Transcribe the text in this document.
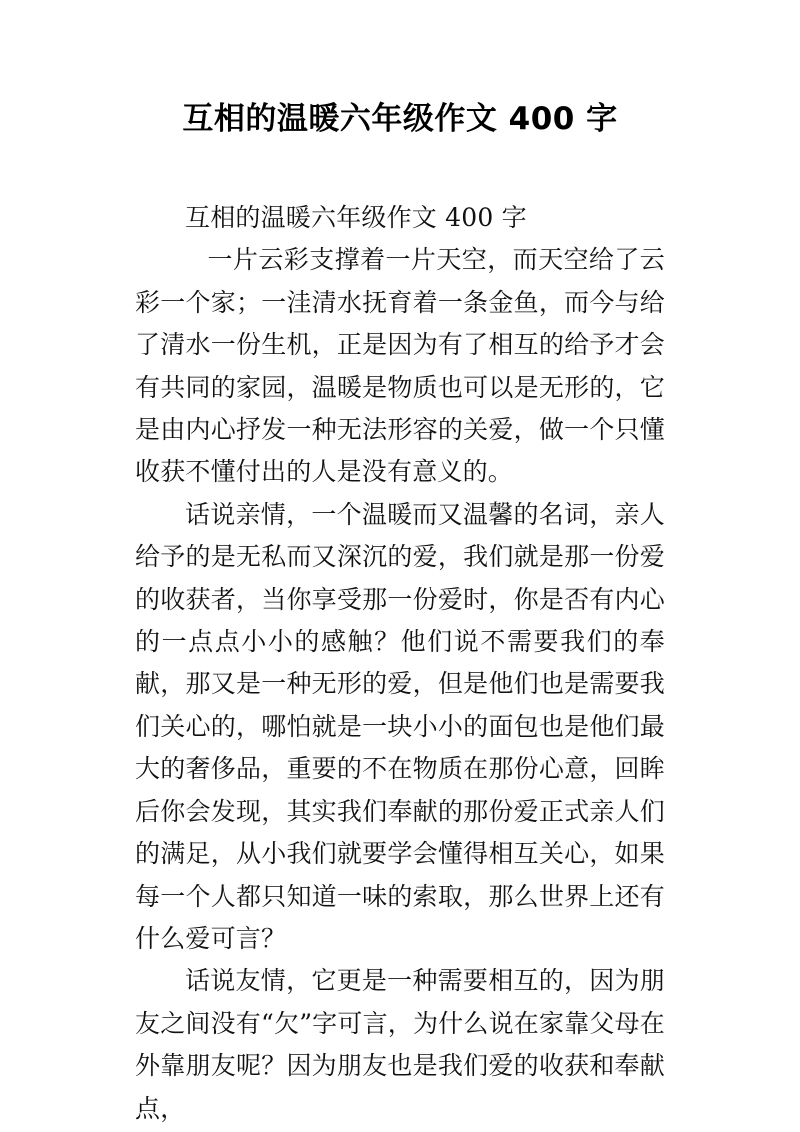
互相的温暖六年级作文 400 字

互相的温暖六年级作文 400 字

一片云彩支撑着一片天空，而天空给了云彩一个家；一洼清水抚育着一条金鱼，而今与给了清水一份生机，正是因为有了相互的给予才会有共同的家园，温暖是物质也可以是无形的，它是由内心抒发一种无法形容的关爱，做一个只懂收获不懂付出的人是没有意义的。

话说亲情，一个温暖而又温馨的名词，亲人给予的是无私而又深沉的爱，我们就是那一份爱的收获者，当你享受那一份爱时，你是否有内心的一点点小小的感触？他们说不需要我们的奉献，那又是一种无形的爱，但是他们也是需要我们关心的，哪怕就是一块小小的面包也是他们最大的奢侈品，重要的不在物质在那份心意，回眸后你会发现，其实我们奉献的那份爱正式亲人们的满足，从小我们就要学会懂得相互关心，如果每一个人都只知道一味的索取，那么世界上还有什么爱可言？

话说友情，它更是一种需要相互的，因为朋友之间没有“欠”字可言，为什么说在家靠父母在外靠朋友呢？因为朋友也是我们爱的收获和奉献点，
